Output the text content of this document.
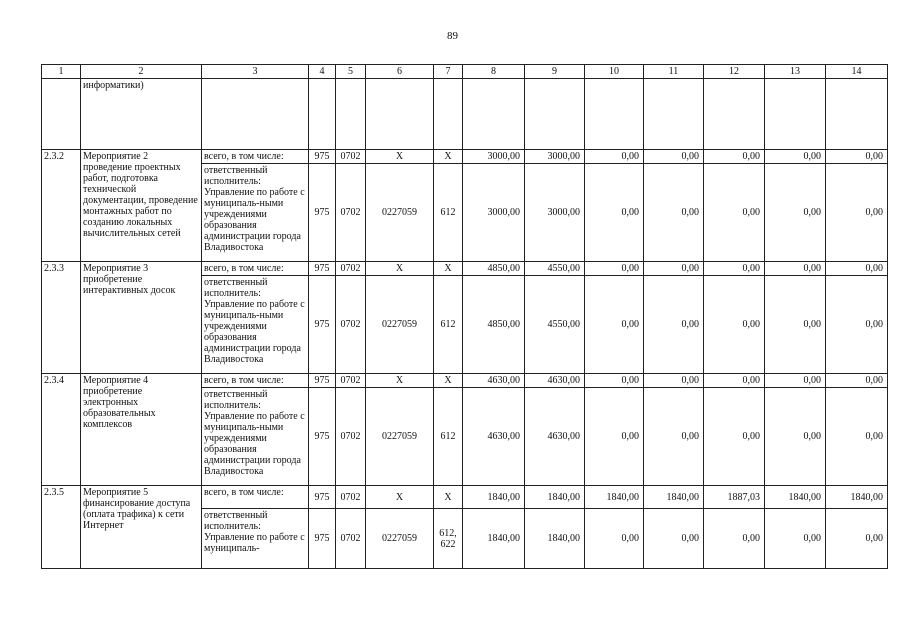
89
1	2	3	4	5	6	7	8	9	10	11	12	13	14
	информатики)												
2.3.2	Мероприятие 2 проведение проектных работ, подготовка технической документации, проведение монтажных работ по созданию локальных вычислительных сетей	всего, в том числе:	975	0702	X	X	3000,00	3000,00	0,00	0,00	0,00	0,00	0,00
		ответственный исполнитель: Управление по работе с муниципаль-ными учреждениями образования администрации города Владивостока	975	0702	0227059	612	3000,00	3000,00	0,00	0,00	0,00	0,00	0,00
2.3.3	Мероприятие 3 приобретение интерактивных досок	всего, в том числе:	975	0702	X	X	4850,00	4550,00	0,00	0,00	0,00	0,00	0,00
		ответственный исполнитель: Управление по работе с муниципаль-ными учреждениями образования администрации города Владивостока	975	0702	0227059	612	4850,00	4550,00	0,00	0,00	0,00	0,00	0,00
2.3.4	Мероприятие 4 приобретение электронных образовательных комплексов	всего, в том числе:	975	0702	X	X	4630,00	4630,00	0,00	0,00	0,00	0,00	0,00
		ответственный исполнитель: Управление по работе с муниципаль-ными учреждениями образования администрации города Владивостока	975	0702	0227059	612	4630,00	4630,00	0,00	0,00	0,00	0,00	0,00
2.3.5	Мероприятие 5 финансирование доступа (оплата трафика) к сети Интернет	всего, в том числе:	975	0702	X	X	1840,00	1840,00	1840,00	1840,00	1887,03	1840,00	1840,00
		ответственный исполнитель: Управление по работе с муниципаль-	975	0702	0227059	612, 622	1840,00	1840,00	0,00	0,00	0,00	0,00	0,00
